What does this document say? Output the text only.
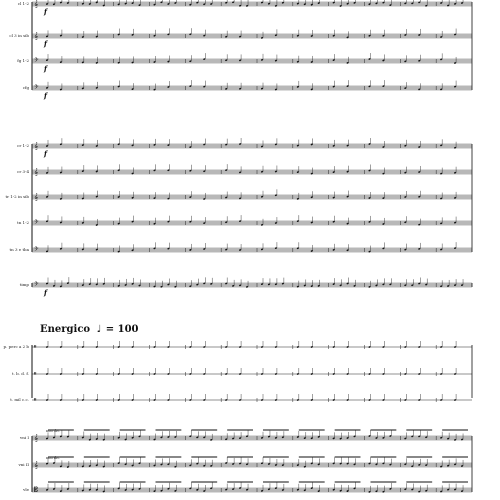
cl 1-2 𝄞
f
cl 3 in sib 𝄞
f
fg 1-2 𝄢
f
cfg 𝄢
f
cr 1-2 𝄞
f
cr 3-4 𝄞
tr 1-2 in sib 𝄞
tn 1-2 𝄢
tn 3 e tba 𝄢
timp 𝄢
f
p. perc a 2 b 𝄥
t. b. d. f. 𝄥
t. mil c.c. 𝄥
vni I 𝄞
vni II 𝄞
vle 𝄡
non div.
non div.
Energico ♩ = 100
